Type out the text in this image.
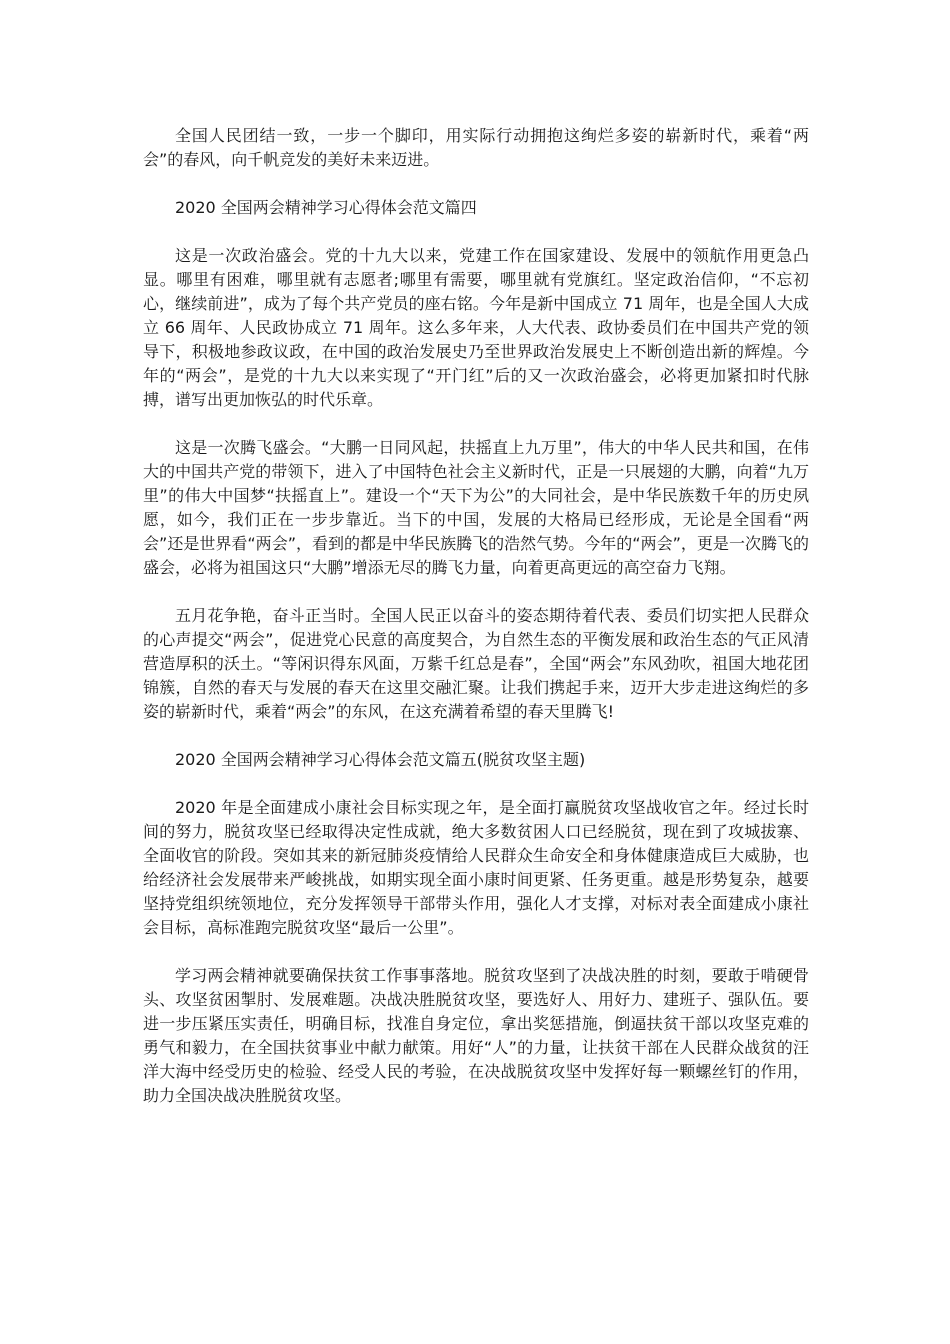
全国人民团结一致，一步一个脚印，用实际行动拥抱这绚烂多姿的崭新时代，乘着“两会”的春风，向千帆竞发的美好未来迈进。

2020 全国两会精神学习心得体会范文篇四

这是一次政治盛会。党的十九大以来，党建工作在国家建设、发展中的领航作用更急凸显。哪里有困难，哪里就有志愿者;哪里有需要，哪里就有党旗红。坚定政治信仰，“不忘初心，继续前进”，成为了每个共产党员的座右铭。今年是新中国成立 71 周年，也是全国人大成立 66 周年、人民政协成立 71 周年。这么多年来，人大代表、政协委员们在中国共产党的领导下，积极地参政议政，在中国的政治发展史乃至世界政治发展史上不断创造出新的辉煌。今年的“两会”，是党的十九大以来实现了“开门红”后的又一次政治盛会，必将更加紧扣时代脉搏，谱写出更加恢弘的时代乐章。

这是一次腾飞盛会。“大鹏一日同风起，扶摇直上九万里”，伟大的中华人民共和国，在伟大的中国共产党的带领下，进入了中国特色社会主义新时代，正是一只展翅的大鹏，向着“九万里”的伟大中国梦“扶摇直上”。建设一个“天下为公”的大同社会，是中华民族数千年的历史夙愿，如今，我们正在一步步靠近。当下的中国，发展的大格局已经形成，无论是全国看“两会”还是世界看“两会”，看到的都是中华民族腾飞的浩然气势。今年的“两会”，更是一次腾飞的盛会，必将为祖国这只“大鹏”增添无尽的腾飞力量，向着更高更远的高空奋力飞翔。

五月花争艳，奋斗正当时。全国人民正以奋斗的姿态期待着代表、委员们切实把人民群众的心声提交“两会”，促进党心民意的高度契合，为自然生态的平衡发展和政治生态的气正风清营造厚积的沃土。“等闲识得东风面，万紫千红总是春”，全国“两会”东风劲吹，祖国大地花团锦簇，自然的春天与发展的春天在这里交融汇聚。让我们携起手来，迈开大步走进这绚烂的多姿的崭新时代，乘着“两会”的东风，在这充满着希望的春天里腾飞!

2020 全国两会精神学习心得体会范文篇五(脱贫攻坚主题)

2020 年是全面建成小康社会目标实现之年，是全面打赢脱贫攻坚战收官之年。经过长时间的努力，脱贫攻坚已经取得决定性成就，绝大多数贫困人口已经脱贫，现在到了攻城拔寨、全面收官的阶段。突如其来的新冠肺炎疫情给人民群众生命安全和身体健康造成巨大威胁，也给经济社会发展带来严峻挑战，如期实现全面小康时间更紧、任务更重。越是形势复杂，越要坚持党组织统领地位，充分发挥领导干部带头作用，强化人才支撑，对标对表全面建成小康社会目标，高标准跑完脱贫攻坚“最后一公里”。

学习两会精神就要确保扶贫工作事事落地。脱贫攻坚到了决战决胜的时刻，要敢于啃硬骨头、攻坚贫困掣肘、发展难题。决战决胜脱贫攻坚，要选好人、用好力、建班子、强队伍。要进一步压紧压实责任，明确目标，找准自身定位，拿出奖惩措施，倒逼扶贫干部以攻坚克难的勇气和毅力，在全国扶贫事业中献力献策。用好“人”的力量，让扶贫干部在人民群众战贫的汪洋大海中经受历史的检验、经受人民的考验，在决战脱贫攻坚中发挥好每一颗螺丝钉的作用，助力全国决战决胜脱贫攻坚。
